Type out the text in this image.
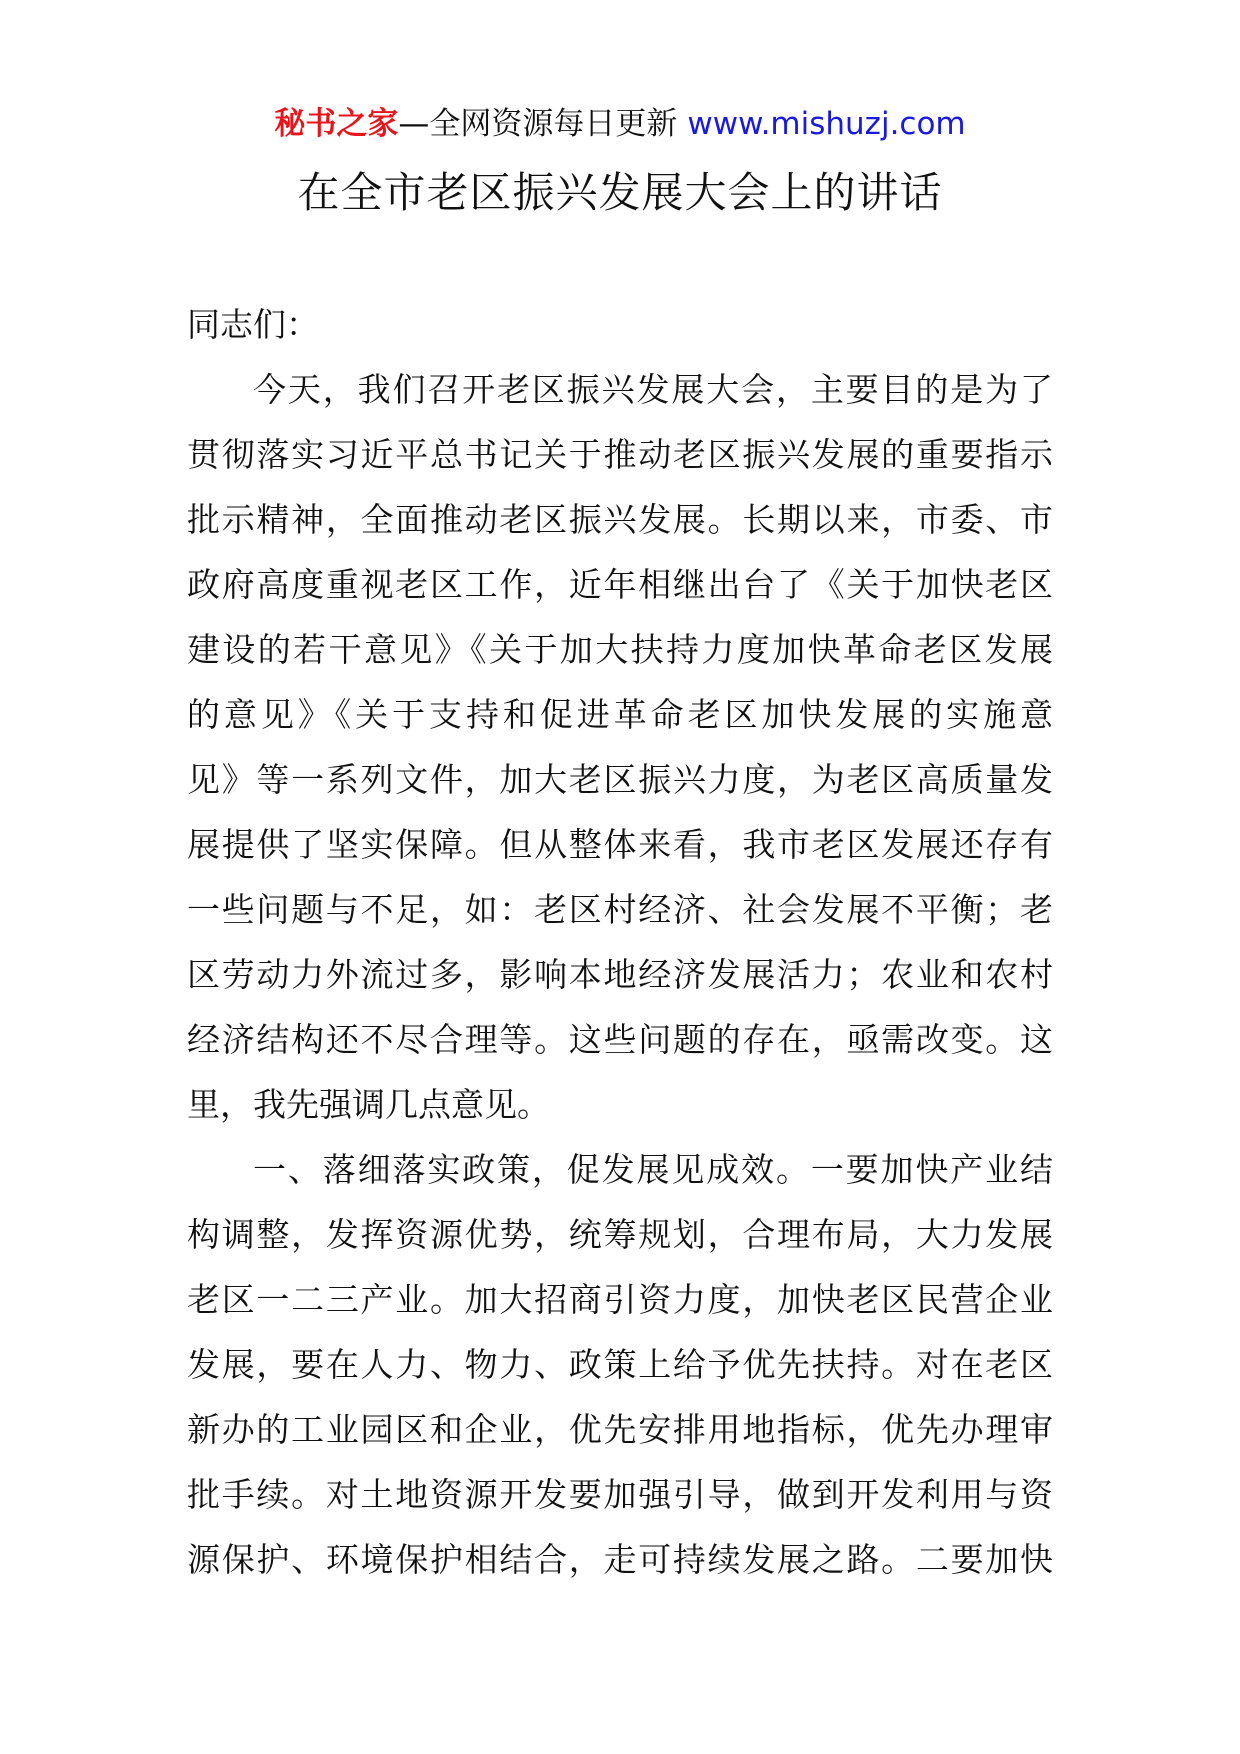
秘书之家—全网资源每日更新 www.mishuzj.com
在全市老区振兴发展大会上的讲话
同志们：
今天，我们召开老区振兴发展大会，主要目的是为了
贯彻落实习近平总书记关于推动老区振兴发展的重要指示
批示精神，全面推动老区振兴发展。长期以来，市委、市
政府高度重视老区工作，近年相继出台了《关于加快老区
建设的若干意见》《关于加大扶持力度加快革命老区发展
的意见》《关于支持和促进革命老区加快发展的实施意
见》等一系列文件，加大老区振兴力度，为老区高质量发
展提供了坚实保障。但从整体来看，我市老区发展还存有
一些问题与不足，如：老区村经济、社会发展不平衡；老
区劳动力外流过多，影响本地经济发展活力；农业和农村
经济结构还不尽合理等。这些问题的存在，亟需改变。这
里，我先强调几点意见。
一、落细落实政策，促发展见成效。一要加快产业结
构调整，发挥资源优势，统筹规划，合理布局，大力发展
老区一二三产业。加大招商引资力度，加快老区民营企业
发展，要在人力、物力、政策上给予优先扶持。对在老区
新办的工业园区和企业，优先安排用地指标，优先办理审
批手续。对土地资源开发要加强引导，做到开发利用与资
源保护、环境保护相结合，走可持续发展之路。二要加快
